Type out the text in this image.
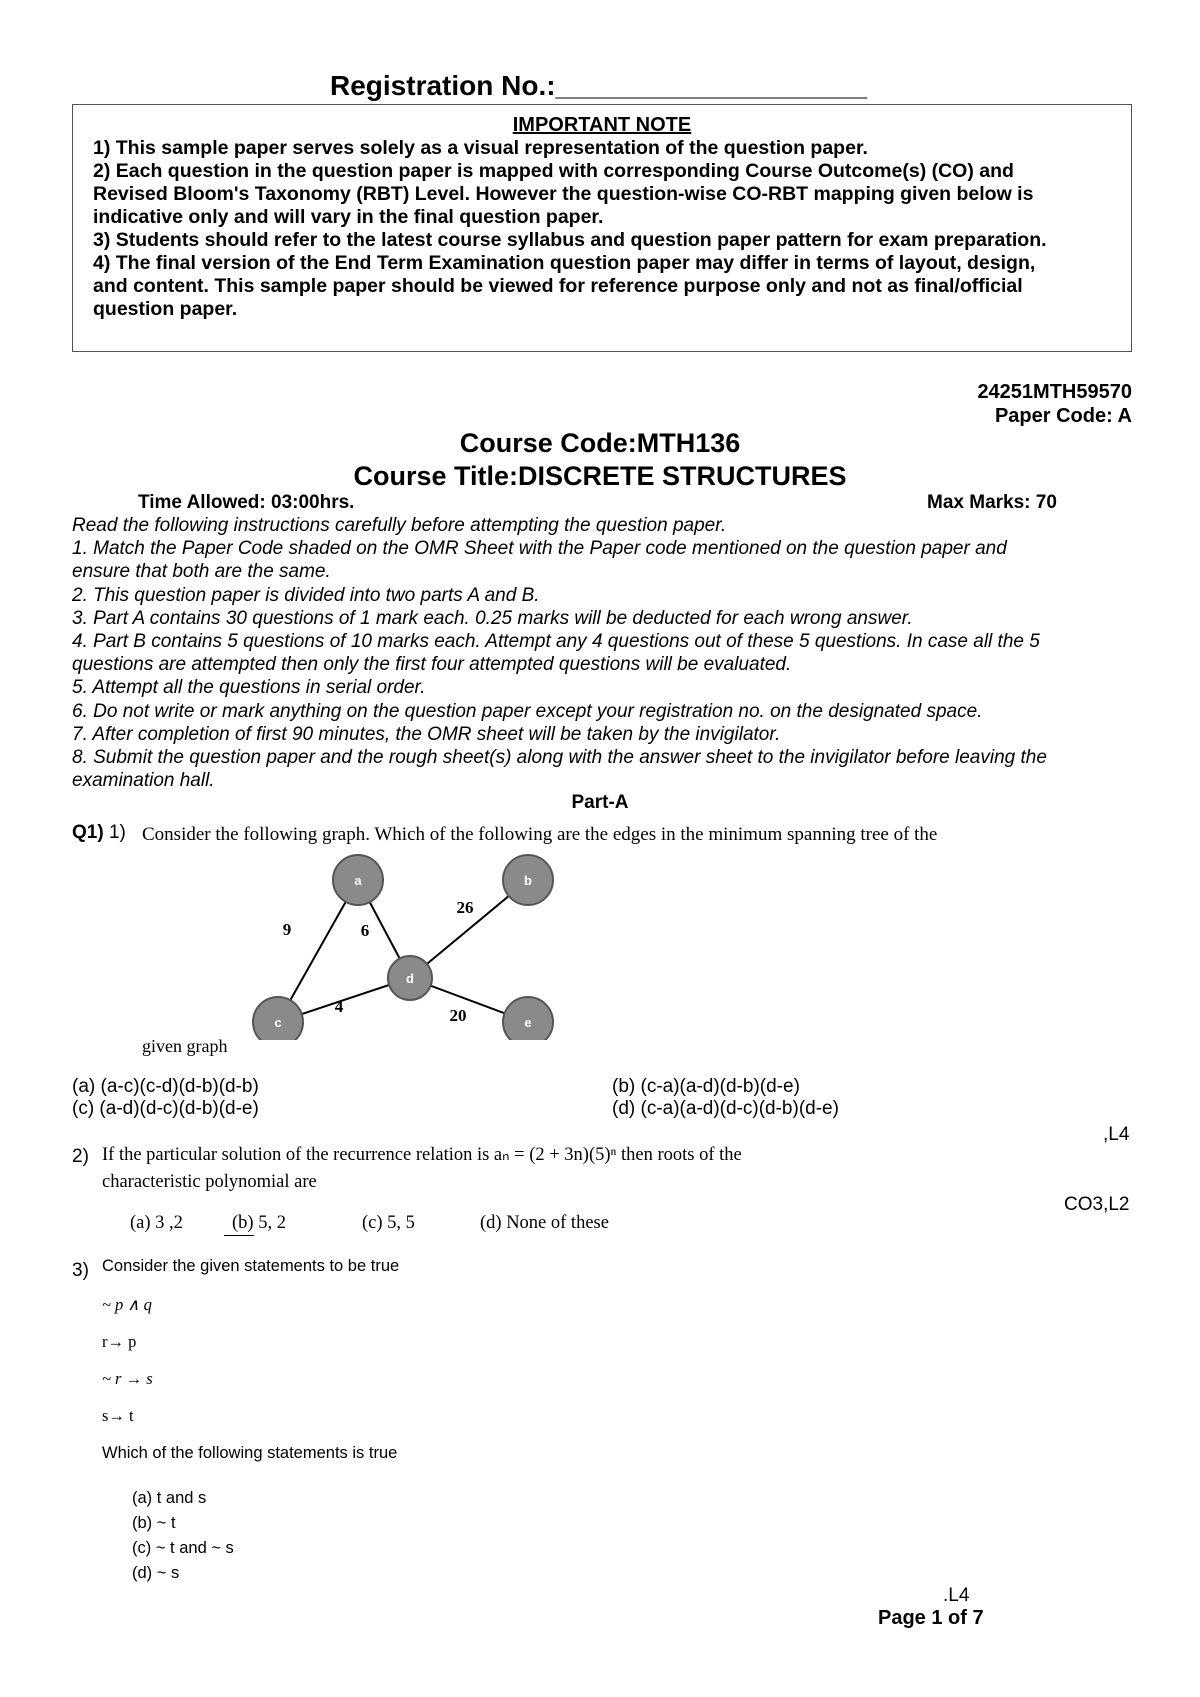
Registration No.:____________________
IMPORTANT NOTE
1) This sample paper serves solely as a visual representation of the question paper.
2) Each question in the question paper is mapped with corresponding Course Outcome(s) (CO) and
Revised Bloom's Taxonomy (RBT) Level. However the question-wise CO-RBT mapping given below is
indicative only and will vary in the final question paper.
3) Students should refer to the latest course syllabus and question paper pattern for exam preparation.
4) The final version of the End Term Examination question paper may differ in terms of layout, design,
and content. This sample paper should be viewed for reference purpose only and not as final/official
question paper.
24251MTH59570
Paper Code: A
Course Code:MTH136
Course Title:DISCRETE STRUCTURES
Time Allowed: 03:00hrs.	Max Marks: 70
Read the following instructions carefully before attempting the question paper.
1. Match the Paper Code shaded on the OMR Sheet with the Paper code mentioned on the question paper and
ensure that both are the same.
2. This question paper is divided into two parts A and B.
3. Part A contains 30 questions of 1 mark each. 0.25 marks will be deducted for each wrong answer.
4. Part B contains 5 questions of 10 marks each. Attempt any 4 questions out of these 5 questions. In case all the 5
questions are attempted then only the first four attempted questions will be evaluated.
5. Attempt all the questions in serial order.
6. Do not write or mark anything on the question paper except your registration no. on the designated space.
7. After completion of first 90 minutes, the OMR sheet will be taken by the invigilator.
8. Submit the question paper and the rough sheet(s) along with the answer sheet to the invigilator before leaving the
examination hall.
Part-A
Q1) 1) Consider the following graph. Which of the following are the edges in the minimum spanning tree of the
a	b
c
d
e
9	6
26
4	20
given graph
(a) (a-c)(c-d)(d-b)(d-b)	(b) (c-a)(a-d)(d-b)(d-e)
(c) (a-d)(d-c)(d-b)(d-e)	(d) (c-a)(a-d)(d-c)(d-b)(d-e)
,L4
2) If the particular solution of the recurrence relation is aₙ = (2 + 3n)(5)ⁿ then roots of the
characteristic polynomial are
CO3,L2
(a) 3 ,2	(b) 5, 2	(c) 5, 5	(d) None of these
3) Consider the given statements to be true
~ p ∧ q
r→ p
~ r → s
s→ t
Which of the following statements is true
(a) t and s
(b) ~ t
(c) ~ t and ~ s
(d) ~ s
.L4
Page 1 of 7
